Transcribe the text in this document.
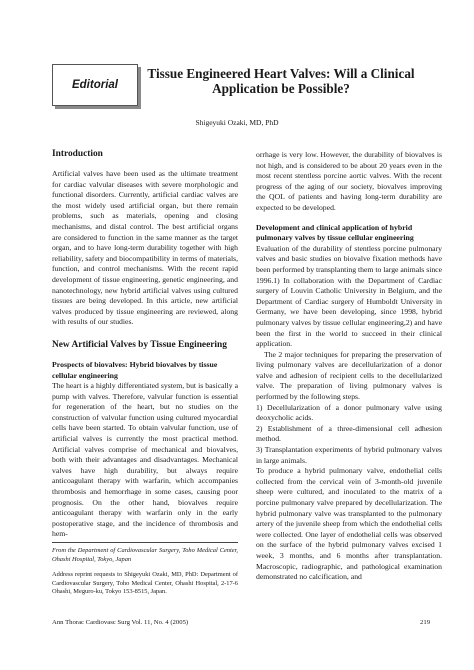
Editorial
Tissue Engineered Heart Valves: Will a Clinical Application be Possible?
Shigeyuki Ozaki, MD, PhD
Introduction

Artificial valves have been used as the ultimate treatment for cardiac valvular diseases with severe morphologic and functional disorders. Currently, artificial cardiac valves are the most widely used artificial organ, but there remain problems, such as materials, opening and closing mechanisms, and distal control. The best artificial organs are considered to function in the same manner as the target organ, and to have long-term durability together with high reliability, safety and biocompatibility in terms of materials, function, and control mechanisms. With the recent rapid development of tissue engineering, genetic engineering, and nanotechnology, new hybrid artificial valves using cultured tissues are being developed. In this article, new artificial valves produced by tissue engineering are reviewed, along with results of our studies.

New Artificial Valves by Tissue Engineering
Prospects of biovalves: Hybrid biovalves by tissue cellular engineering

The heart is a highly differentiated system, but is basically a pump with valves. Therefore, valvular function is essential for regeneration of the heart, but no studies on the construction of valvular function using cultured myocardial cells have been started. To obtain valvular function, use of artificial valves is currently the most practical method. Artificial valves comprise of mechanical and biovalves, both with their advantages and disadvantages. Mechanical valves have high durability, but always require anticoagulant therapy with warfarin, which accompanies thrombosis and hemorrhage in some cases, causing poor prognosis. On the other hand, biovalves require anticoagulant therapy with warfarin only in the early postoperative stage, and the incidence of thrombosis and hem-

From the Department of Cardiovascular Surgery, Toho Medical Center, Ohashi Hospital, Tokyo, Japan

Address reprint requests to Shigeyuki Ozaki, MD, PhD: Department of Cardiovascular Surgery, Toho Medical Center, Ohashi Hospital, 2-17-6 Ohashi, Meguro-ku, Tokyo 153-8515, Japan.

orrhage is very low. However, the durability of biovalves is not high, and is considered to be about 20 years even in the most recent stentless porcine aortic valves. With the recent progress of the aging of our society, biovalves improving the QOL of patients and having long-term durability are expected to be developed.

Development and clinical application of hybrid pulmonary valves by tissue cellular engineering

Evaluation of the durability of stentless porcine pulmonary valves and basic studies on biovalve fixation methods have been performed by transplanting them to large animals since 1996.1) In collaboration with the Department of Cardiac surgery of Louvin Catholic University in Belgium, and the Department of Cardiac surgery of Humboldt University in Germany, we have been developing, since 1998, hybrid pulmonary valves by tissue cellular engineering,2) and have been the first in the world to succeed in their clinical application.

The 2 major techniques for preparing the preservation of living pulmonary valves are decellularization of a donor valve and adhesion of recipient cells to the decellularized valve. The preparation of living pulmonary valves is performed by the following steps.

1) Decellularization of a donor pulmonary valve using deoxycholic acids.

2) Establishment of a three-dimensional cell adhesion method.

3) Transplantation experiments of hybrid pulmonary valves in large animals.

To produce a hybrid pulmonary valve, endothelial cells collected from the cervical vein of 3-month-old juvenile sheep were cultured, and inoculated to the matrix of a porcine pulmonary valve prepared by decellularization. The hybrid pulmonary valve was transplanted to the pulmonary artery of the juvenile sheep from which the endothelial cells were collected. One layer of endothelial cells was observed on the surface of the hybrid pulmonary valves excised 1 week, 3 months, and 6 months after transplantation. Macroscopic, radiographic, and pathological examination demonstrated no calcification, and

Ann Thorac Cardiovasc Surg Vol. 11, No. 4 (2005)	219
